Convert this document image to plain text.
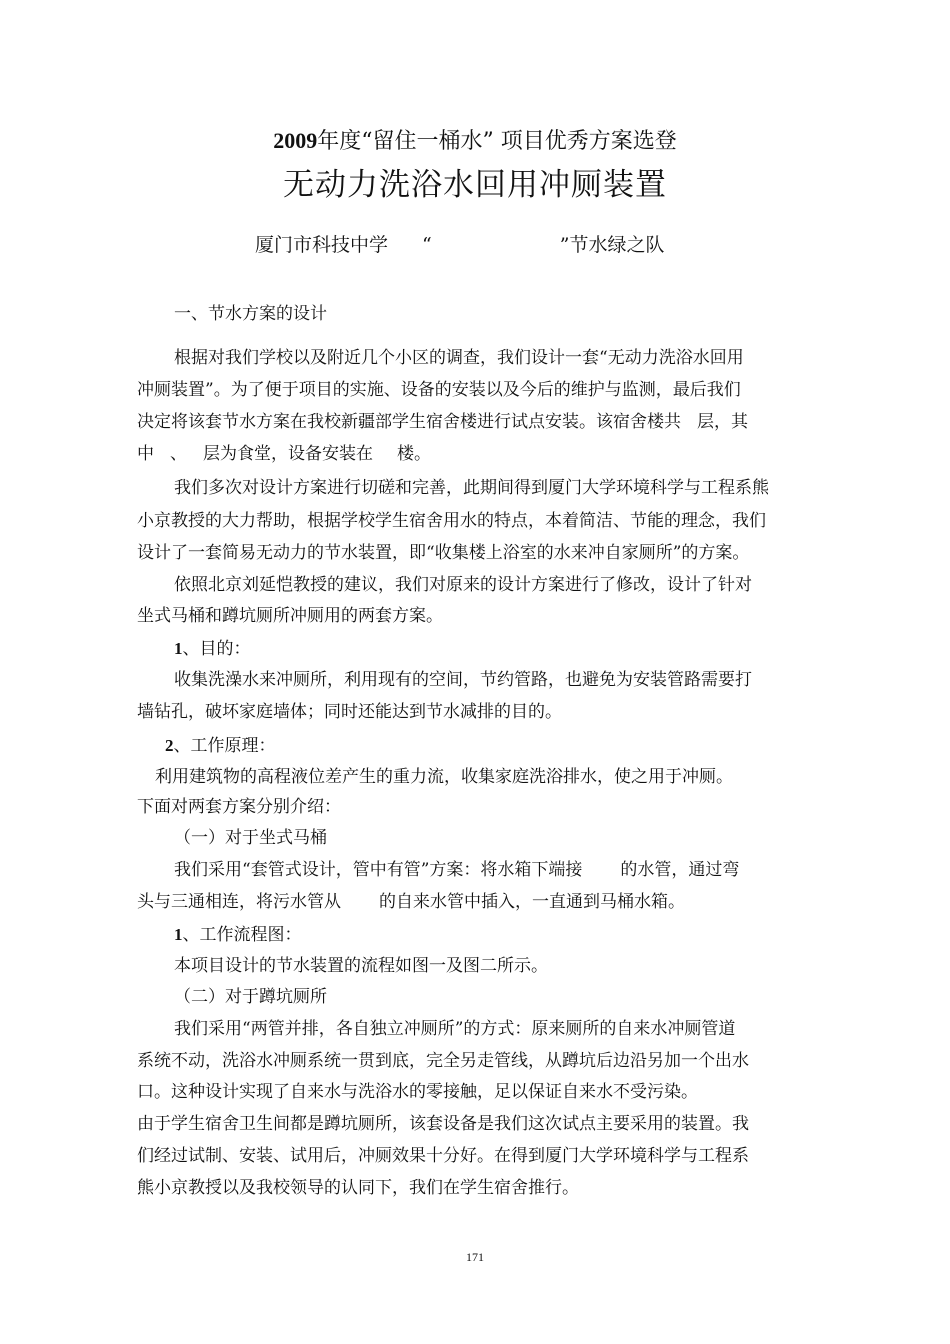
2009年度“留住一桶水” 项目优秀方案选登
无动力洗浴水回用冲厕装置
厦门市科技中学 “	”节水绿之队
一、节水方案的设计
根据对我们学校以及附近几个小区的调查，我们设计一套“无动力洗浴水回用
冲厕装置”。为了便于项目的实施、设备的安装以及今后的维护与监测，最后我们
决定将该套节水方案在我校新疆部学生宿舍楼进行试点安装。该宿舍楼共 层，其
中 、 层为食堂，设备安装在 楼。
我们多次对设计方案进行切磋和完善，此期间得到厦门大学环境科学与工程系熊
小京教授的大力帮助，根据学校学生宿舍用水的特点，本着简洁、节能的理念，我们
设计了一套简易无动力的节水装置，即“收集楼上浴室的水来冲自家厕所”的方案。
依照北京刘延恺教授的建议，我们对原来的设计方案进行了修改，设计了针对
坐式马桶和蹲坑厕所冲厕用的两套方案。
1、目的：
收集洗澡水来冲厕所，利用现有的空间，节约管路，也避免为安装管路需要打
墙钻孔，破坏家庭墙体；同时还能达到节水减排的目的。
2、工作原理：
利用建筑物的高程液位差产生的重力流，收集家庭洗浴排水，使之用于冲厕。
下面对两套方案分别介绍：
（一）对于坐式马桶
我们采用“套管式设计，管中有管”方案：将水箱下端接 的水管，通过弯
头与三通相连，将污水管从 的自来水管中插入，一直通到马桶水箱。
1、工作流程图：
本项目设计的节水装置的流程如图一及图二所示。
（二）对于蹲坑厕所
我们采用“两管并排，各自独立冲厕所”的方式：原来厕所的自来水冲厕管道
系统不动，洗浴水冲厕系统一贯到底，完全另走管线，从蹲坑后边沿另加一个出水
口。这种设计实现了自来水与洗浴水的零接触，足以保证自来水不受污染。
由于学生宿舍卫生间都是蹲坑厕所，该套设备是我们这次试点主要采用的装置。我
们经过试制、安装、试用后，冲厕效果十分好。在得到厦门大学环境科学与工程系
熊小京教授以及我校领导的认同下，我们在学生宿舍推行。
171
